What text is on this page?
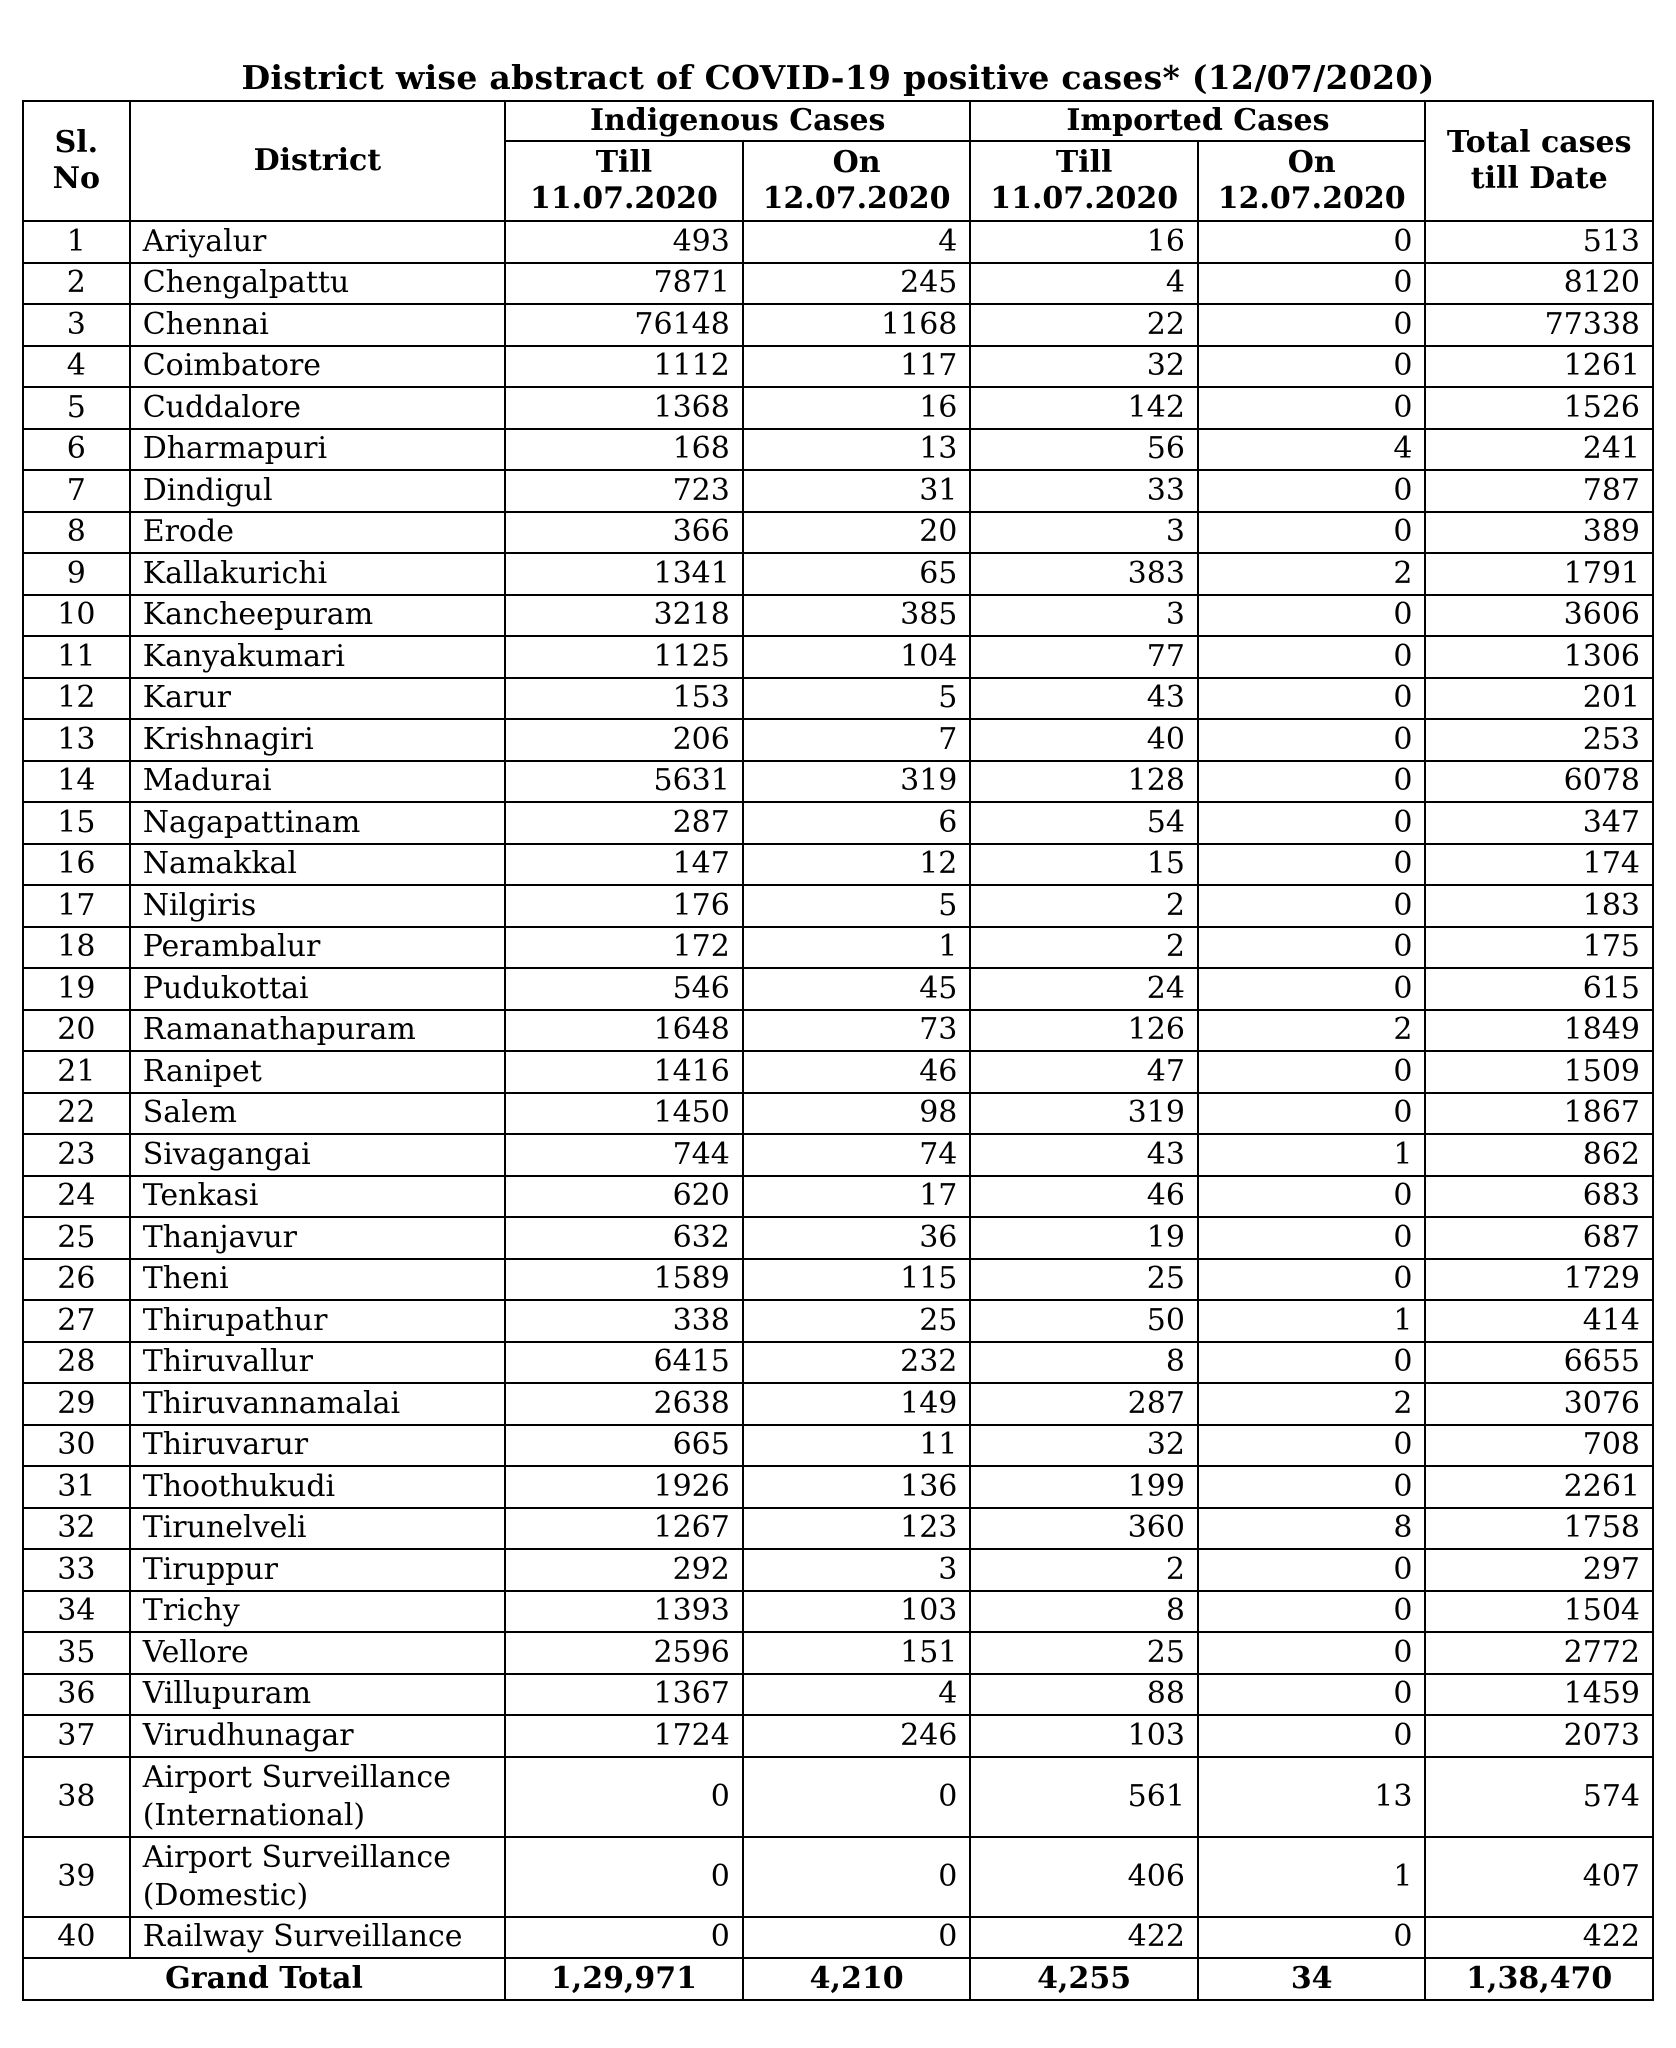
District wise abstract of COVID-19 positive cases* (12/07/2020)
Sl. No	District	Indigenous Cases		Imported Cases		Total cases till Date
		Till 11.07.2020	On 12.07.2020	Till 11.07.2020	On 12.07.2020	
1	Ariyalur	493	4	16	0	513
2	Chengalpattu	7871	245	4	0	8120
3	Chennai	76148	1168	22	0	77338
4	Coimbatore	1112	117	32	0	1261
5	Cuddalore	1368	16	142	0	1526
6	Dharmapuri	168	13	56	4	241
7	Dindigul	723	31	33	0	787
8	Erode	366	20	3	0	389
9	Kallakurichi	1341	65	383	2	1791
10	Kancheepuram	3218	385	3	0	3606
11	Kanyakumari	1125	104	77	0	1306
12	Karur	153	5	43	0	201
13	Krishnagiri	206	7	40	0	253
14	Madurai	5631	319	128	0	6078
15	Nagapattinam	287	6	54	0	347
16	Namakkal	147	12	15	0	174
17	Nilgiris	176	5	2	0	183
18	Perambalur	172	1	2	0	175
19	Pudukottai	546	45	24	0	615
20	Ramanathapuram	1648	73	126	2	1849
21	Ranipet	1416	46	47	0	1509
22	Salem	1450	98	319	0	1867
23	Sivagangai	744	74	43	1	862
24	Tenkasi	620	17	46	0	683
25	Thanjavur	632	36	19	0	687
26	Theni	1589	115	25	0	1729
27	Thirupathur	338	25	50	1	414
28	Thiruvallur	6415	232	8	0	6655
29	Thiruvannamalai	2638	149	287	2	3076
30	Thiruvarur	665	11	32	0	708
31	Thoothukudi	1926	136	199	0	2261
32	Tirunelveli	1267	123	360	8	1758
33	Tiruppur	292	3	2	0	297
34	Trichy	1393	103	8	0	1504
35	Vellore	2596	151	25	0	2772
36	Villupuram	1367	4	88	0	1459
37	Virudhunagar	1724	246	103	0	2073
38	Airport Surveillance (International)	0	0	561	13	574
39	Airport Surveillance (Domestic)	0	0	406	1	407
40	Railway Surveillance	0	0	422	0	422
Grand Total		1,29,971	4,210	4,255	34	1,38,470
